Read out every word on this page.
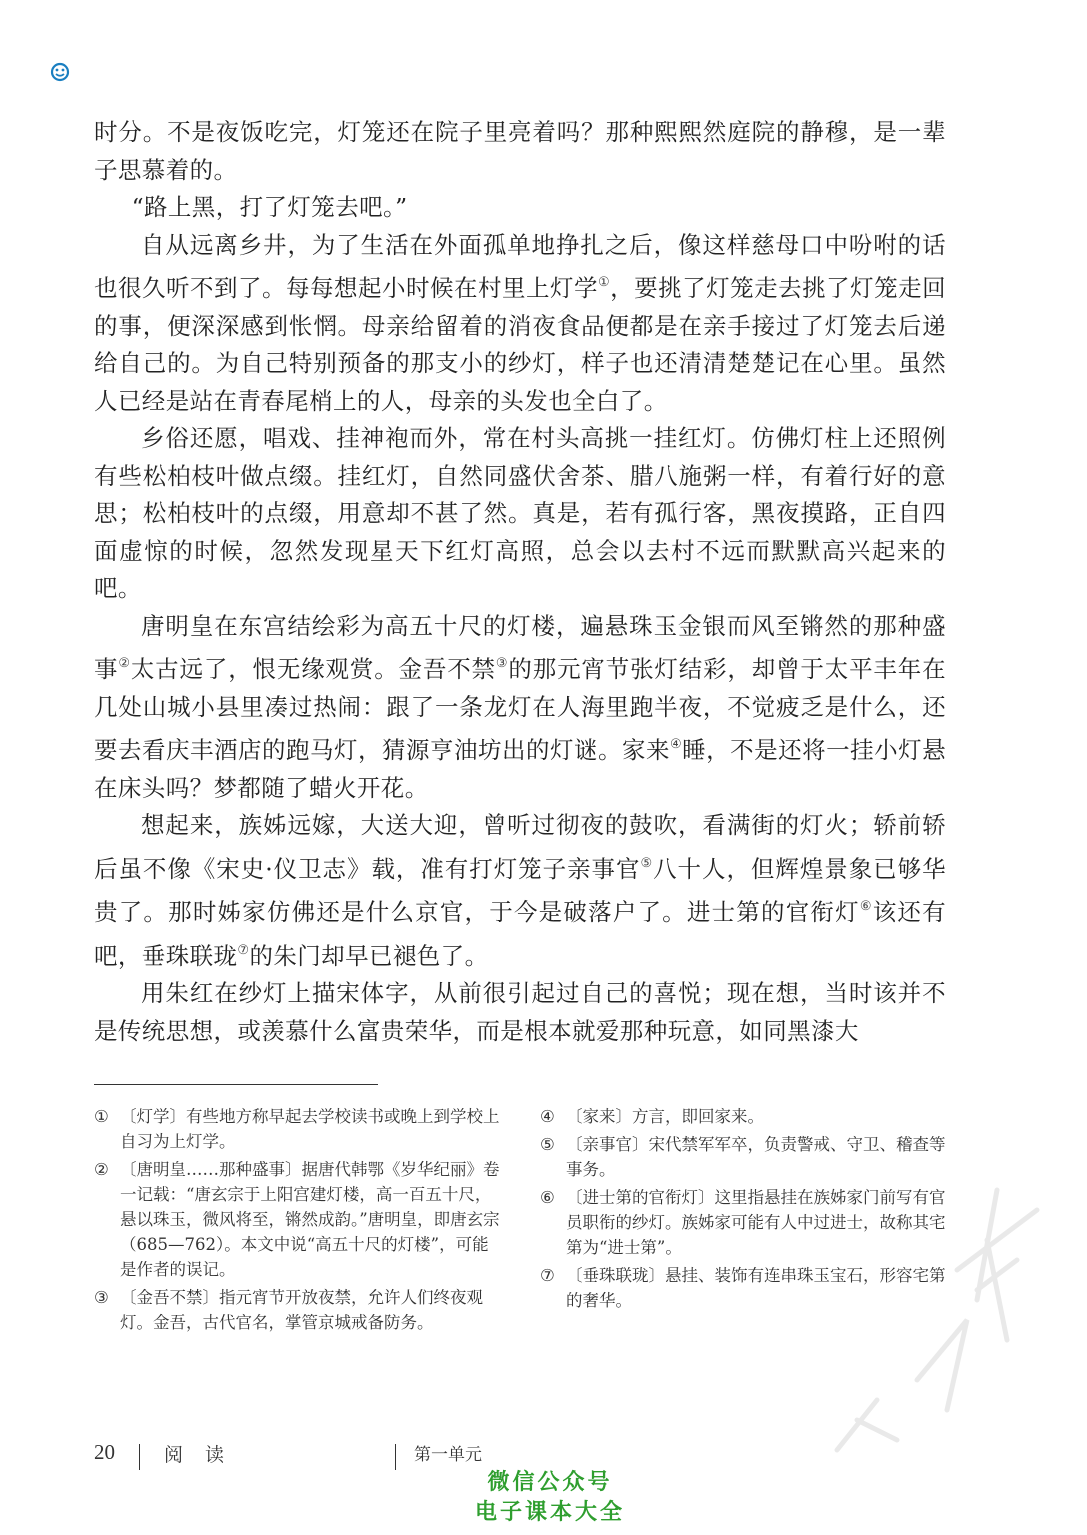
时分。不是夜饭吃完，灯笼还在院子里亮着吗？那种熙熙然庭院的静穆，是一辈子思慕着的。

“路上黑，打了灯笼去吧。”

自从远离乡井，为了生活在外面孤单地挣扎之后，像这样慈母口中吩咐的话也很久听不到了。每每想起小时候在村里上灯学①，要挑了灯笼走去挑了灯笼走回的事，便深深感到怅惘。母亲给留着的消夜食品便都是在亲手接过了灯笼去后递给自己的。为自己特别预备的那支小的纱灯，样子也还清清楚楚记在心里。虽然人已经是站在青春尾梢上的人，母亲的头发也全白了。

乡俗还愿，唱戏、挂神袍而外，常在村头高挑一挂红灯。仿佛灯柱上还照例有些松柏枝叶做点缀。挂红灯，自然同盛伏舍茶、腊八施粥一样，有着行好的意思；松柏枝叶的点缀，用意却不甚了然。真是，若有孤行客，黑夜摸路，正自四面虚惊的时候，忽然发现星天下红灯高照，总会以去村不远而默默高兴起来的吧。

唐明皇在东宫结绘彩为高五十尺的灯楼，遍悬珠玉金银而风至锵然的那种盛事②太古远了，恨无缘观赏。金吾不禁③的那元宵节张灯结彩，却曾于太平丰年在几处山城小县里凑过热闹：跟了一条龙灯在人海里跑半夜，不觉疲乏是什么，还要去看庆丰酒店的跑马灯，猜源亨油坊出的灯谜。家来④睡，不是还将一挂小灯悬在床头吗？梦都随了蜡火开花。

想起来，族姊远嫁，大送大迎，曾听过彻夜的鼓吹，看满街的灯火；轿前轿后虽不像《宋史·仪卫志》载，准有打灯笼子亲事官⑤八十人，但辉煌景象已够华贵了。那时姊家仿佛还是什么京官，于今是破落户了。进士第的官衔灯⑥该还有吧，垂珠联珑⑦的朱门却早已褪色了。

用朱红在纱灯上描宋体字，从前很引起过自己的喜悦；现在想，当时该并不是传统思想，或羡慕什么富贵荣华，而是根本就爱那种玩意，如同黑漆大

① 〔灯学〕有些地方称早起去学校读书或晚上到学校上自习为上灯学。
② 〔唐明皇……那种盛事〕据唐代韩鄂《岁华纪丽》卷一记载：“唐玄宗于上阳宫建灯楼，高一百五十尺，悬以珠玉，微风将至，锵然成韵。”唐明皇，即唐玄宗（685—762）。本文中说“高五十尺的灯楼”，可能是作者的误记。
③ 〔金吾不禁〕指元宵节开放夜禁，允许人们终夜观灯。金吾，古代官名，掌管京城戒备防务。
④ 〔家来〕方言，即回家来。
⑤ 〔亲事官〕宋代禁军军卒，负责警戒、守卫、稽查等事务。
⑥ 〔进士第的官衔灯〕这里指悬挂在族姊家门前写有官员职衔的纱灯。族姊家可能有人中过进士，故称其宅第为“进士第”。
⑦ 〔垂珠联珑〕悬挂、装饰有连串珠玉宝石，形容宅第的奢华。
20	阅 读	第一单元
微信公众号
电子课本大全
